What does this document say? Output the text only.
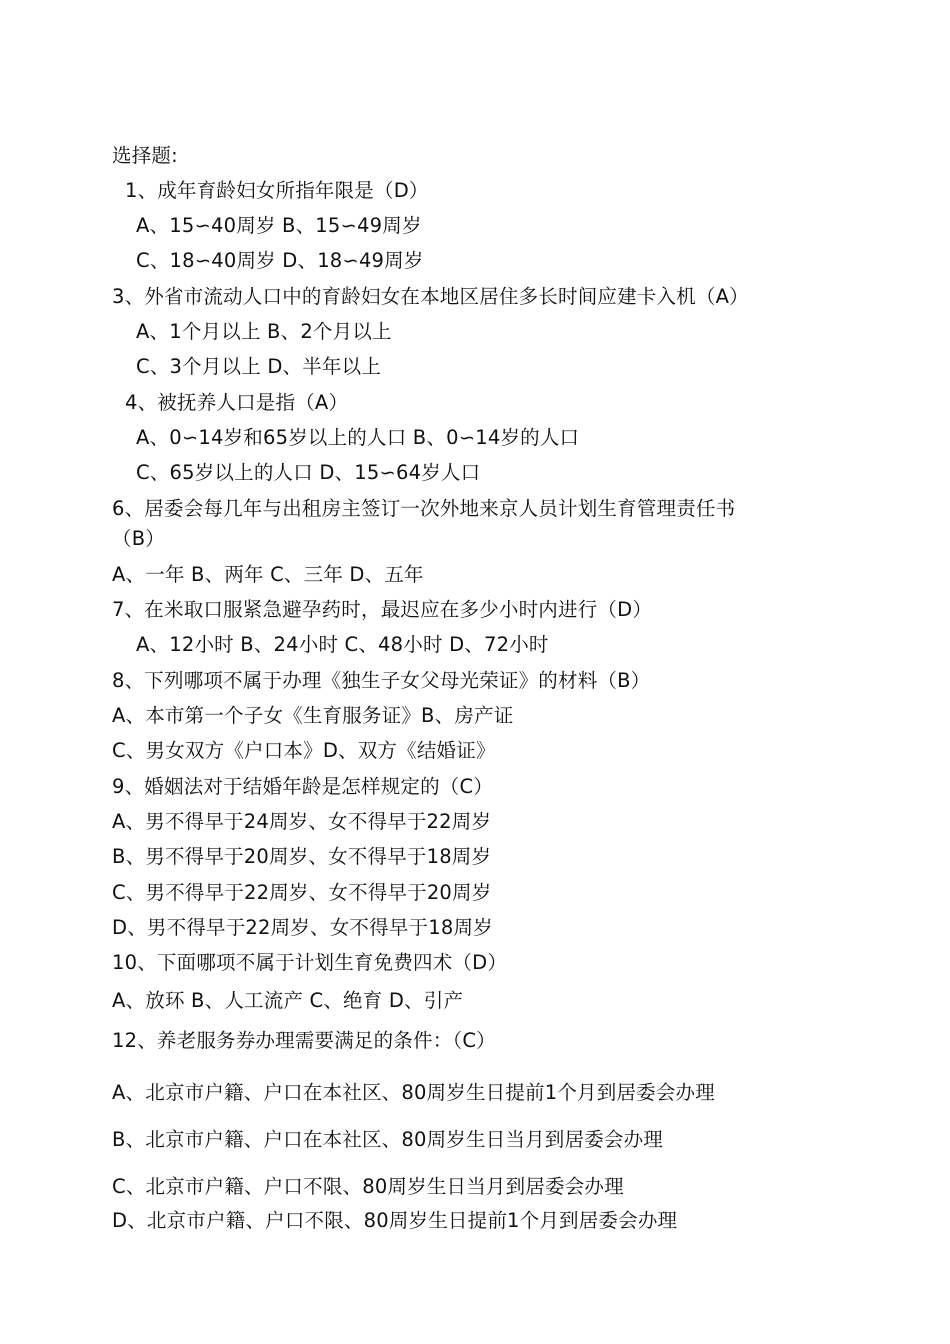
选择题:
1、成年育龄妇女所指年限是（D）
A、15∽40周岁 B、15∽49周岁
C、18∽40周岁 D、18∽49周岁
3、外省市流动人口中的育龄妇女在本地区居住多长时间应建卡入机（A）
A、1个月以上 B、2个月以上
C、3个月以上 D、半年以上
4、被抚养人口是指（A）
A、0∽14岁和65岁以上的人口 B、0∽14岁的人口
C、65岁以上的人口 D、15∽64岁人口
6、居委会每几年与出租房主签订一次外地来京人员计划生育管理责任书
（B）
A、一年 B、两年 C、三年 D、五年
7、在米取口服紧急避孕药时，最迟应在多少小时内进行（D）
A、12小时 B、24小时 C、48小时 D、72小时
8、下列哪项不属于办理《独生子女父母光荣证》的材料（B）
A、本市第一个子女《生育服务证》B、房产证
C、男女双方《户口本》D、双方《结婚证》
9、婚姻法对于结婚年龄是怎样规定的（C）
A、男不得早于24周岁、女不得早于22周岁
B、男不得早于20周岁、女不得早于18周岁
C、男不得早于22周岁、女不得早于20周岁
D、男不得早于22周岁、女不得早于18周岁
10、下面哪项不属于计划生育免费四术（D）
A、放环 B、人工流产 C、绝育 D、引产
12、养老服务券办理需要满足的条件：（C）
A、北京市户籍、户口在本社区、80周岁生日提前1个月到居委会办理
B、北京市户籍、户口在本社区、80周岁生日当月到居委会办理
C、北京市户籍、户口不限、80周岁生日当月到居委会办理
D、北京市户籍、户口不限、80周岁生日提前1个月到居委会办理
